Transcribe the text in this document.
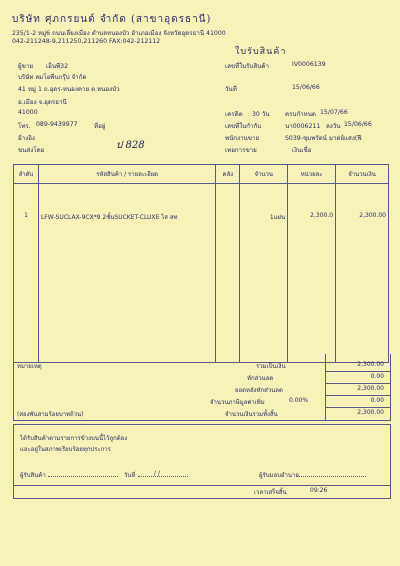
บริษัท ศุภกรยนต์ จำกัด (สาขาอุดรธานี)
235/1-2 หมู่6 ถนนเลี่ยงเมือง ตำบลหนองบัว อำเภอเมือง จังหวัดอุดรธานี 41000
042-211248-9,211250,211260 FAX:042-212112
ใบรับสินค้า
ผู้ขาย เอ็นพี32
บริษัท ลมโอพีนกรุ๊ป จำกัด
41 หมู่ 1 ถ.อุดร-หนองคาย ต.หนองบัว
อ.เมือง จ.อุดรธานี
41000
โทร. 089-9439977	ที่อยู่
อ้างอิง
ขนส่งโดย	ป 828
เลขที่ใบรับสินค้า	IV0006139
วันที่	15/06/66
เครดิต 30 วัน ครบกำหนด 15/07/66
เลขที่ใบกำกับ	นา0006211 ลงวัน 15/06/66
พนักงานขาย	S039-ชุมพรัตน์ มาตย์แสง(ฟี
เทอการขาย	เงินเชื่อ
ลำดับ	รหัสสินค้า / รายละเอียด	คลัง	จำนวน	หน่วยละ	จำนวนเงิน
1	LFW-SUCLAX-9CX*9 2ชั้นSUCKET-CLUXE ไส สท		1แผ่น	2,300.0	2,300.00

หมายเหตุ	รวมเป็นเงิน	2,300.00
หักส่วนลด	0.00
ยอดหลังหักส่วนลด	2,300.00
จำนวนภาษีมูลค่าเพิ่ม	0.00%	0.00
(สองพันสามร้อยบาทถ้วน)	จำนวนเงินรวมทั้งสิ้น	2,300.00
ได้รับสินค้าตามรายการข้างบนนี้ไว้ถูกต้อง
และอยู่ในสภาพเรียบร้อยทุกประการ
ผู้รับสินค้า	วันที่	/ /	ผู้รับมอบอำนาจ
เวลาเสร็จสิ้น	09:26
